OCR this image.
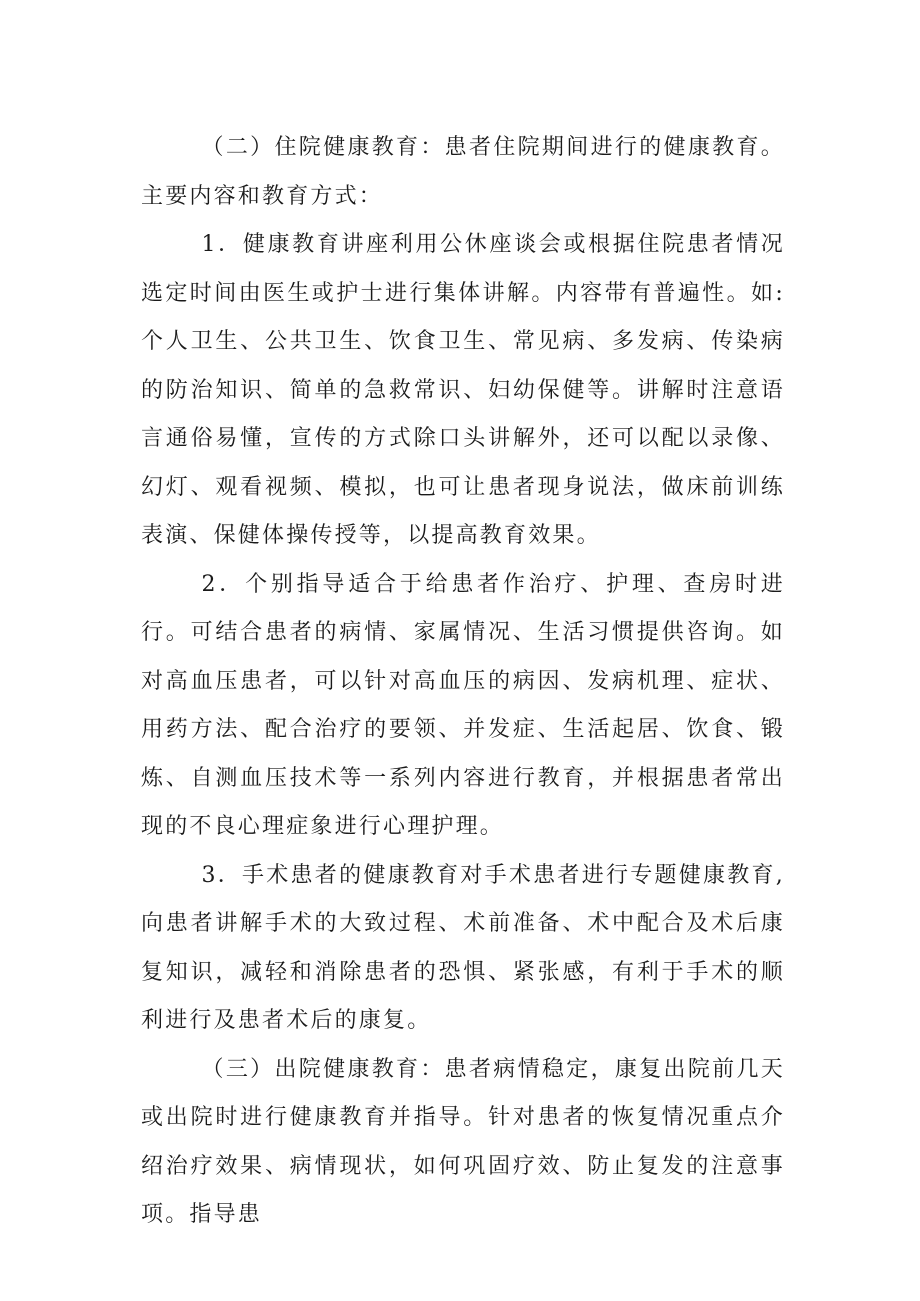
（二）住院健康教育：患者住院期间进行的健康教育。主要内容和教育方式：

1．健康教育讲座利用公休座谈会或根据住院患者情况选定时间由医生或护士进行集体讲解。内容带有普遍性。如:个人卫生、公共卫生、饮食卫生、常见病、多发病、传染病的防治知识、简单的急救常识、妇幼保健等。讲解时注意语言通俗易懂，宣传的方式除口头讲解外，还可以配以录像、幻灯、观看视频、模拟，也可让患者现身说法，做床前训练表演、保健体操传授等，以提高教育效果。

2．个别指导适合于给患者作治疗、护理、查房时进行。可结合患者的病情、家属情况、生活习惯提供咨询。如对高血压患者，可以针对高血压的病因、发病机理、症状、用药方法、配合治疗的要领、并发症、生活起居、饮食、锻炼、自测血压技术等一系列内容进行教育，并根据患者常出现的不良心理症象进行心理护理。

3．手术患者的健康教育对手术患者进行专题健康教育,向患者讲解手术的大致过程、术前准备、术中配合及术后康复知识，减轻和消除患者的恐惧、紧张感，有利于手术的顺利进行及患者术后的康复。

（三）出院健康教育：患者病情稳定，康复出院前几天或出院时进行健康教育并指导。针对患者的恢复情况重点介绍治疗效果、病情现状，如何巩固疗效、防止复发的注意事项。指导患
